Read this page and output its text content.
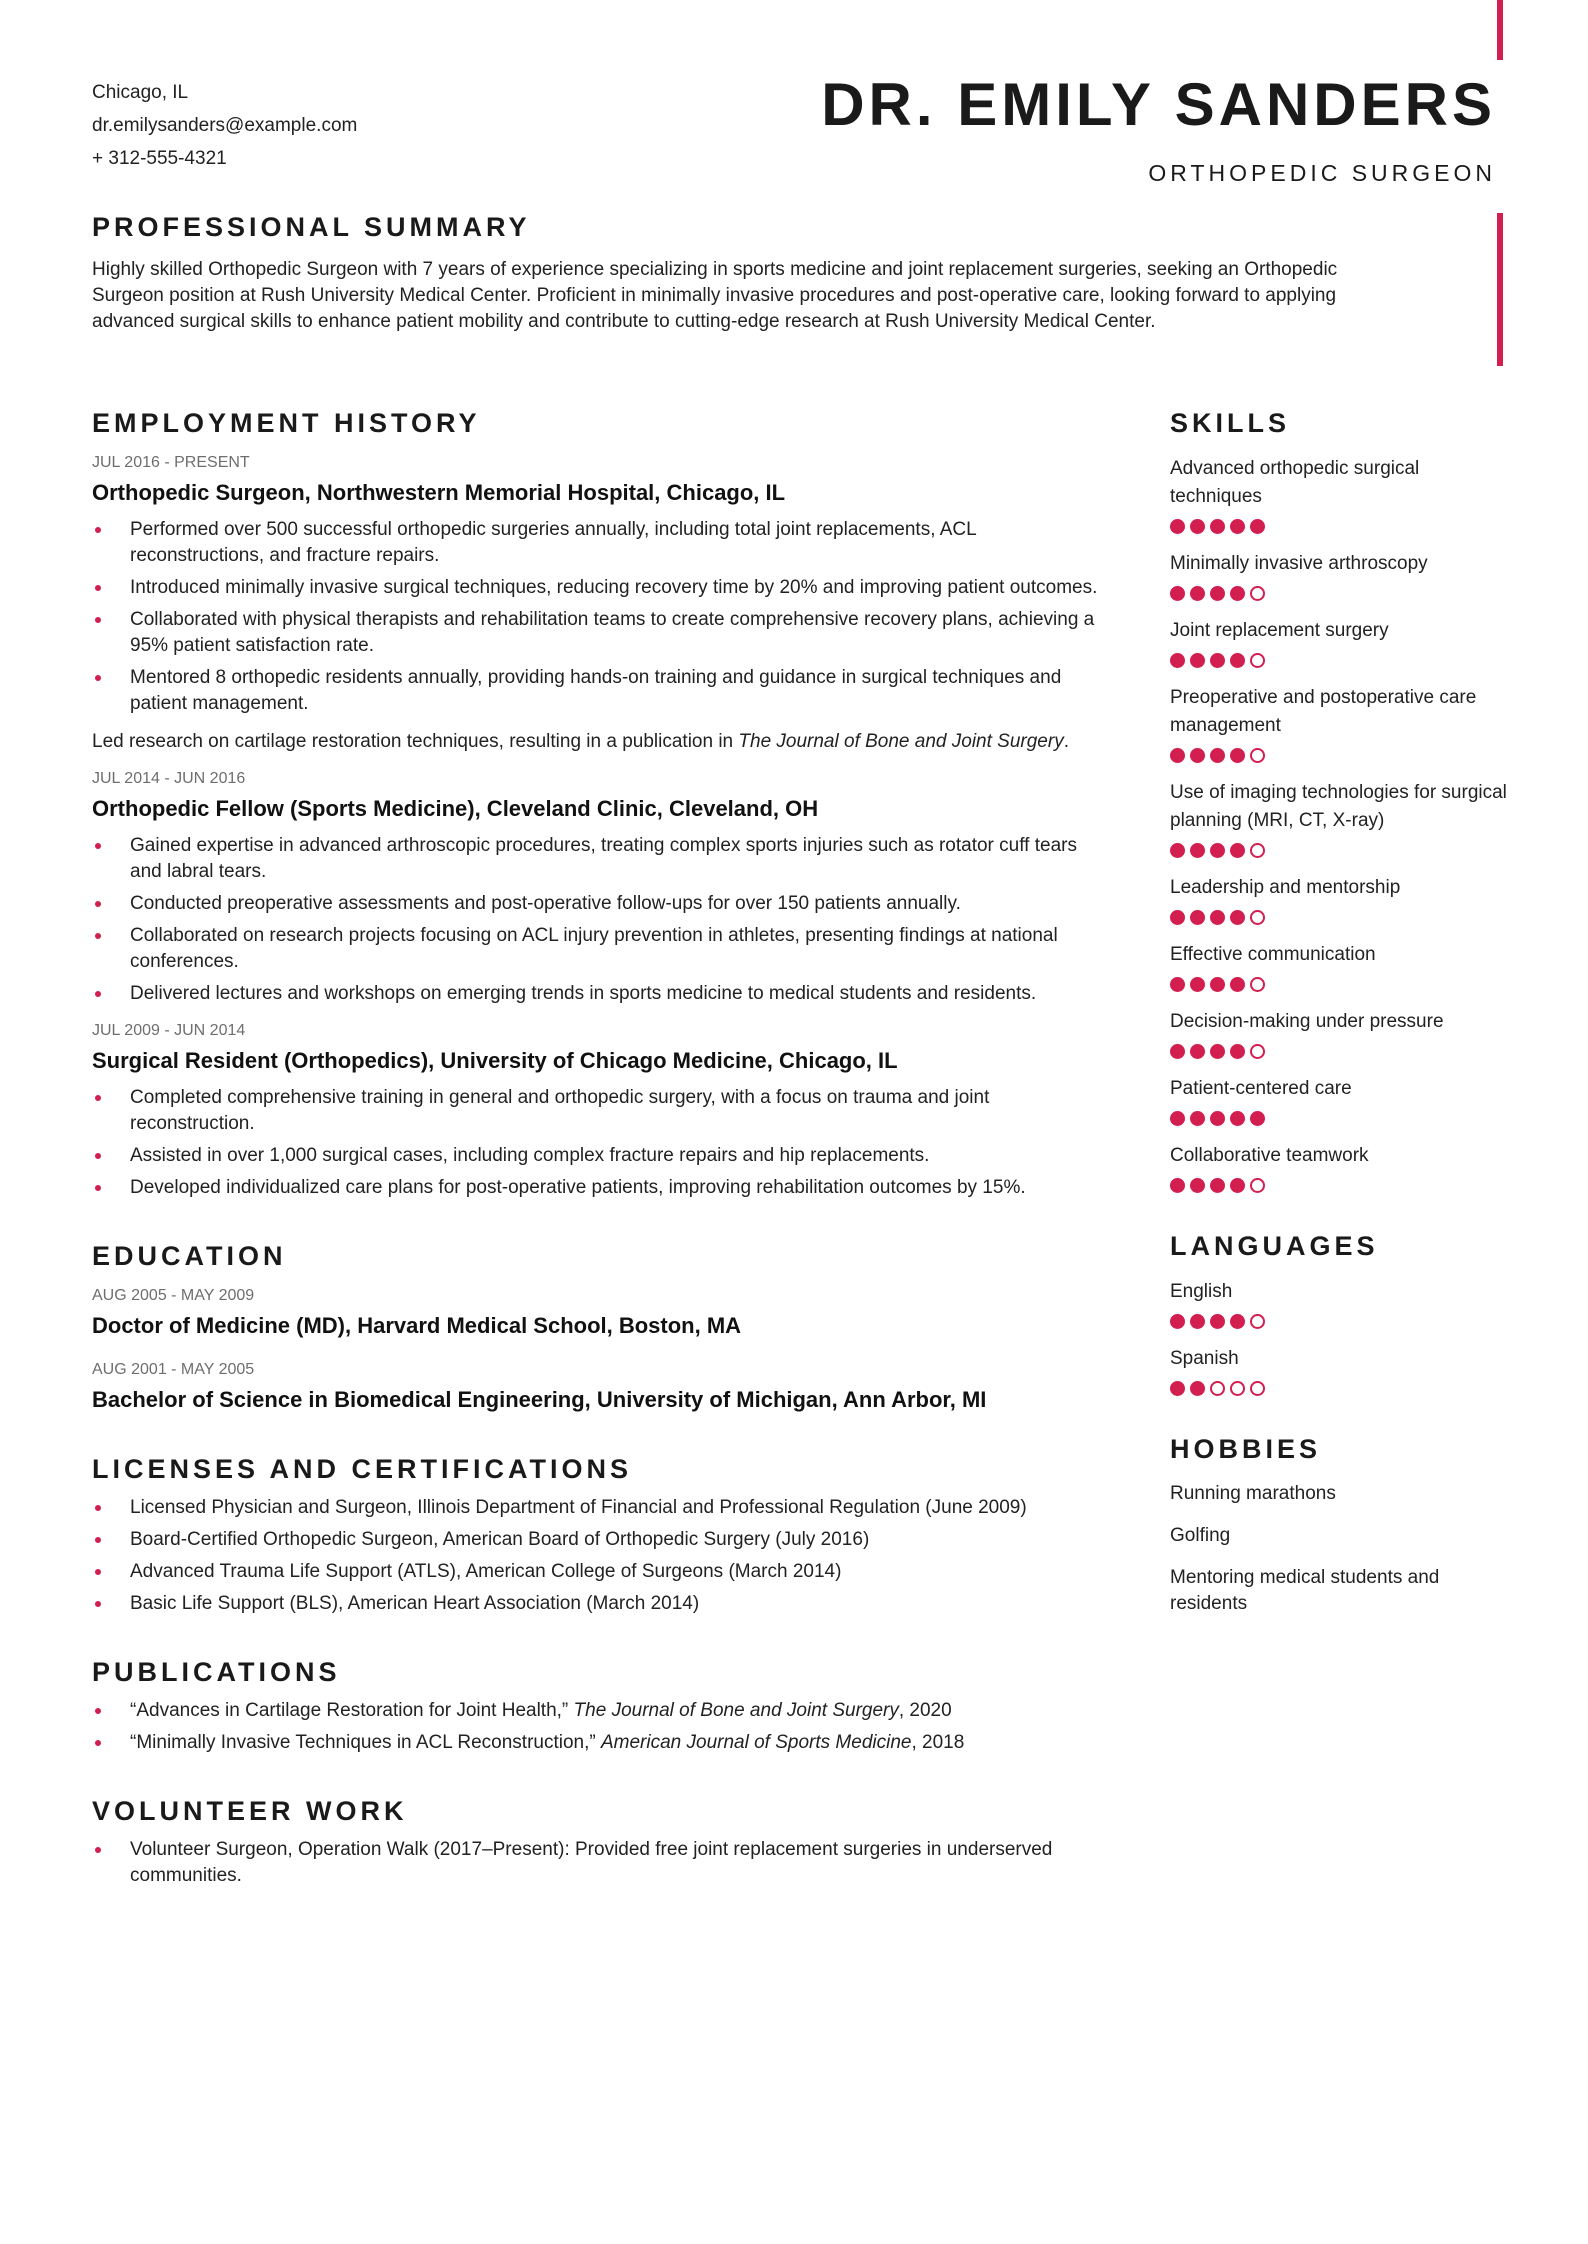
Chicago, IL
dr.emilysanders@example.com
+ 312-555-4321
DR. EMILY SANDERS
ORTHOPEDIC SURGEON
PROFESSIONAL SUMMARY

Highly skilled Orthopedic Surgeon with 7 years of experience specializing in sports medicine and joint replacement surgeries, seeking an Orthopedic Surgeon position at Rush University Medical Center. Proficient in minimally invasive procedures and post-operative care, looking forward to applying advanced surgical skills to enhance patient mobility and contribute to cutting-edge research at Rush University Medical Center.

EMPLOYMENT HISTORY
JUL 2016 - PRESENT
Orthopedic Surgeon, Northwestern Memorial Hospital, Chicago, IL
Performed over 500 successful orthopedic surgeries annually, including total joint replacements, ACL reconstructions, and fracture repairs.
Introduced minimally invasive surgical techniques, reducing recovery time by 20% and improving patient outcomes.
Collaborated with physical therapists and rehabilitation teams to create comprehensive recovery plans, achieving a 95% patient satisfaction rate.
Mentored 8 orthopedic residents annually, providing hands-on training and guidance in surgical techniques and patient management.
Led research on cartilage restoration techniques, resulting in a publication in The Journal of Bone and Joint Surgery.
JUL 2014 - JUN 2016
Orthopedic Fellow (Sports Medicine), Cleveland Clinic, Cleveland, OH
Gained expertise in advanced arthroscopic procedures, treating complex sports injuries such as rotator cuff tears and labral tears.
Conducted preoperative assessments and post-operative follow-ups for over 150 patients annually.
Collaborated on research projects focusing on ACL injury prevention in athletes, presenting findings at national conferences.
Delivered lectures and workshops on emerging trends in sports medicine to medical students and residents.
JUL 2009 - JUN 2014
Surgical Resident (Orthopedics), University of Chicago Medicine, Chicago, IL
Completed comprehensive training in general and orthopedic surgery, with a focus on trauma and joint reconstruction.
Assisted in over 1,000 surgical cases, including complex fracture repairs and hip replacements.
Developed individualized care plans for post-operative patients, improving rehabilitation outcomes by 15%.
EDUCATION
AUG 2005 - MAY 2009
Doctor of Medicine (MD), Harvard Medical School, Boston, MA
AUG 2001 - MAY 2005
Bachelor of Science in Biomedical Engineering, University of Michigan, Ann Arbor, MI
LICENSES AND CERTIFICATIONS
Licensed Physician and Surgeon, Illinois Department of Financial and Professional Regulation (June 2009)
Board-Certified Orthopedic Surgeon, American Board of Orthopedic Surgery (July 2016)
Advanced Trauma Life Support (ATLS), American College of Surgeons (March 2014)
Basic Life Support (BLS), American Heart Association (March 2014)
PUBLICATIONS
“Advances in Cartilage Restoration for Joint Health,” The Journal of Bone and Joint Surgery, 2020
“Minimally Invasive Techniques in ACL Reconstruction,” American Journal of Sports Medicine, 2018
VOLUNTEER WORK
Volunteer Surgeon, Operation Walk (2017–Present): Provided free joint replacement surgeries in underserved communities.
SKILLS
Advanced orthopedic surgical techniques
Minimally invasive arthroscopy
Joint replacement surgery
Preoperative and postoperative care management
Use of imaging technologies for surgical planning (MRI, CT, X-ray)
Leadership and mentorship
Effective communication
Decision-making under pressure
Patient-centered care
Collaborative teamwork
LANGUAGES
English
Spanish
HOBBIES
Running marathons
Golfing
Mentoring medical students and residents
